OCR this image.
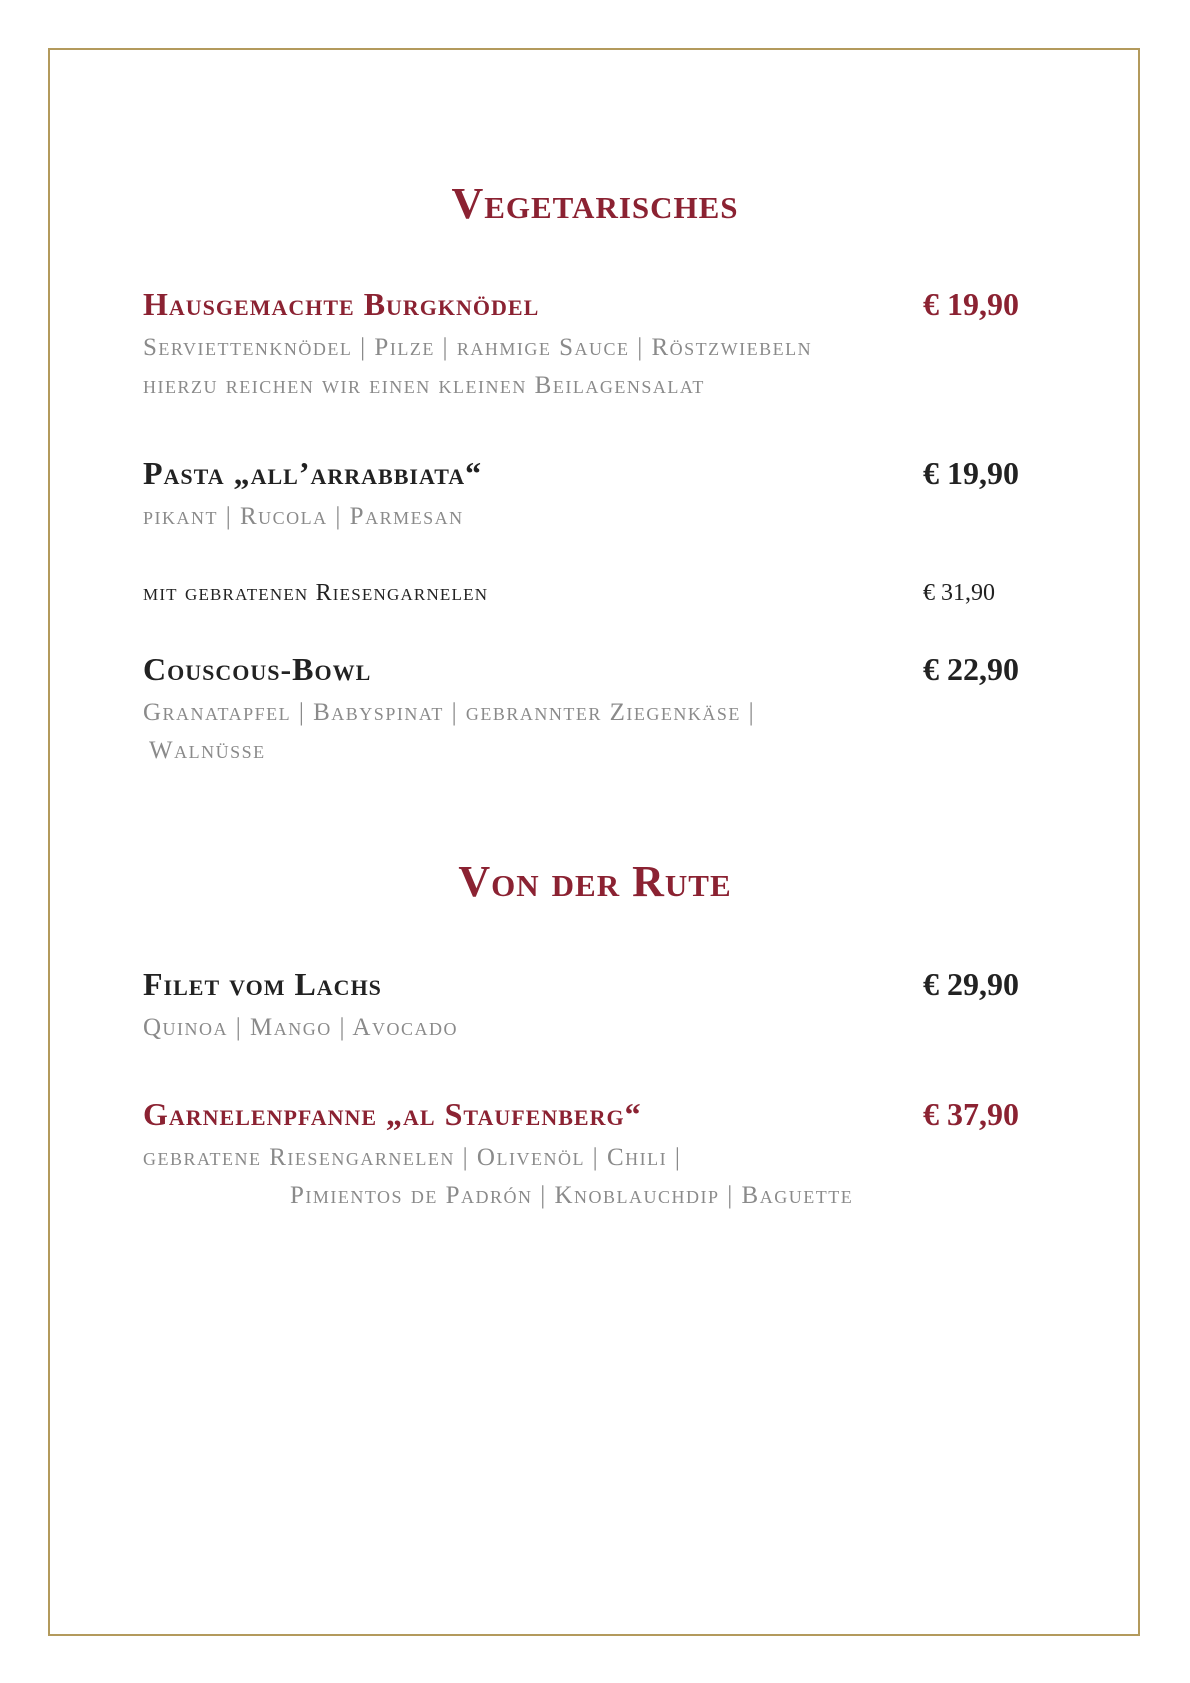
Vegetarisches
Hausgemachte Burgknödel	€ 19,90
Serviettenknödel | Pilze | rahmige Sauce | Röstzwiebeln
hierzu reichen wir einen kleinen Beilagensalat
Pasta „all’arrabbiata“	€ 19,90
pikant | Rucola | Parmesan
mit gebratenen Riesengarnelen	€ 31,90
Couscous-Bowl	€ 22,90
Granatapfel | Babyspinat | gebrannter Ziegenkäse |
Walnüsse
Von der Rute
Filet vom Lachs	€ 29,90
Quinoa | Mango | Avocado
Garnelenpfanne „al Staufenberg“	€ 37,90
gebratene Riesengarnelen | Olivenöl | Chili |
Pimientos de Padrón | Knoblauchdip | Baguette
